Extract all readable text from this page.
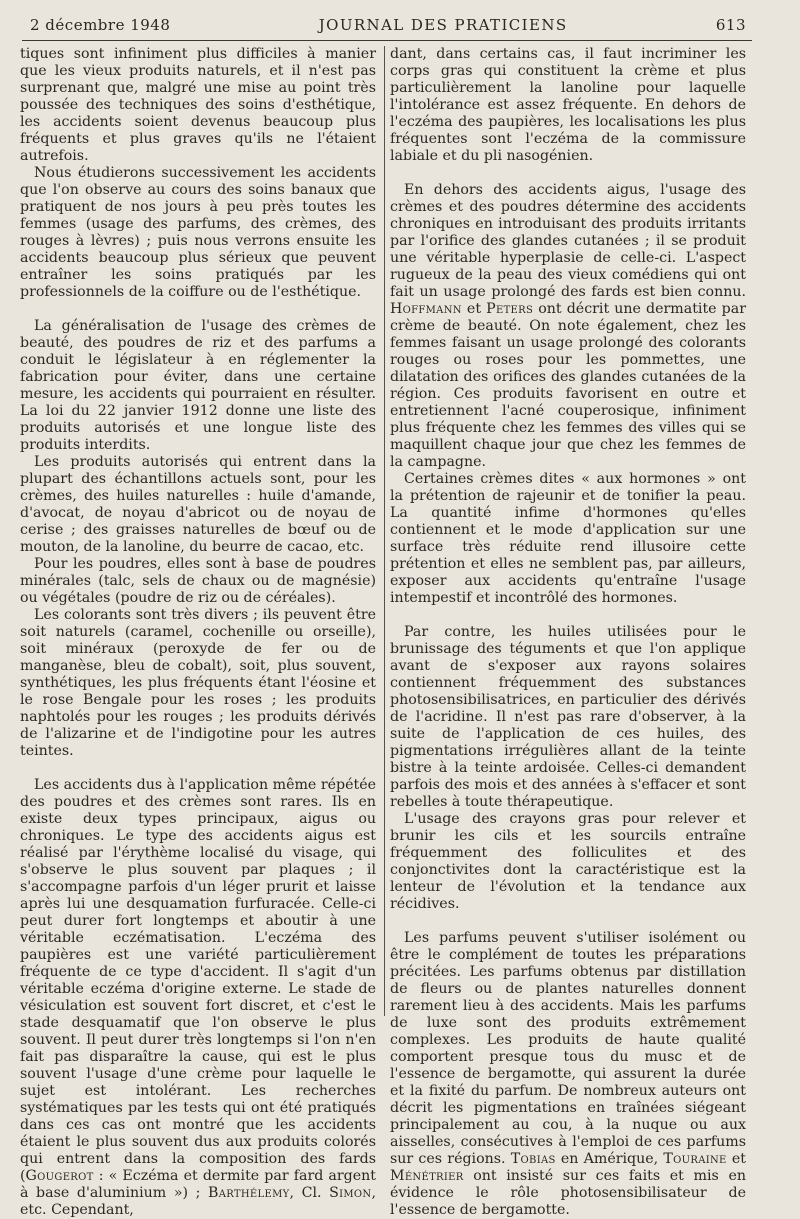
2 décembre 1948	JOURNAL DES PRATICIENS	613

tiques sont infiniment plus difficiles à manier que les vieux produits naturels, et il n'est pas surprenant que, malgré une mise au point très poussée des techniques des soins d'esthétique, les accidents soient devenus beaucoup plus fréquents et plus graves qu'ils ne l'étaient autrefois.

Nous étudierons successivement les accidents que l'on observe au cours des soins banaux que pratiquent de nos jours à peu près toutes les femmes (usage des parfums, des crèmes, des rouges à lèvres) ; puis nous verrons ensuite les accidents beaucoup plus sérieux que peuvent entraîner les soins pratiqués par les professionnels de la coiffure ou de l'esthétique.

La généralisation de l'usage des crèmes de beauté, des poudres de riz et des parfums a conduit le législateur à en réglementer la fabrication pour éviter, dans une certaine mesure, les accidents qui pourraient en résulter. La loi du 22 janvier 1912 donne une liste des produits autorisés et une longue liste des produits interdits.

Les produits autorisés qui entrent dans la plupart des échantillons actuels sont, pour les crèmes, des huiles naturelles : huile d'amande, d'avocat, de noyau d'abricot ou de noyau de cerise ; des graisses naturelles de bœuf ou de mouton, de la lanoline, du beurre de cacao, etc.

Pour les poudres, elles sont à base de poudres minérales (talc, sels de chaux ou de magnésie) ou végétales (poudre de riz ou de céréales).

Les colorants sont très divers ; ils peuvent être soit naturels (caramel, cochenille ou orseille), soit minéraux (peroxyde de fer ou de manganèse, bleu de cobalt), soit, plus souvent, synthétiques, les plus fréquents étant l'éosine et le rose Bengale pour les roses ; les produits naphtolés pour les rouges ; les produits dérivés de l'alizarine et de l'indigotine pour les autres teintes.

Les accidents dus à l'application même répétée des poudres et des crèmes sont rares. Ils en existe deux types principaux, aigus ou chroniques. Le type des accidents aigus est réalisé par l'érythème localisé du visage, qui s'observe le plus souvent par plaques ; il s'accompagne parfois d'un léger prurit et laisse après lui une desquamation furfuracée. Celle-ci peut durer fort longtemps et aboutir à une véritable eczématisation. L'eczéma des paupières est une variété particulièrement fréquente de ce type d'accident. Il s'agit d'un véritable eczéma d'origine externe. Le stade de vésiculation est souvent fort discret, et c'est le stade desquamatif que l'on observe le plus souvent. Il peut durer très longtemps si l'on n'en fait pas disparaître la cause, qui est le plus souvent l'usage d'une crème pour laquelle le sujet est intolérant. Les recherches systématiques par les tests qui ont été pratiqués dans ces cas ont montré que les accidents étaient le plus souvent dus aux produits colorés qui entrent dans la composition des fards (Gougerot : « Eczéma et dermite par fard argent à base d'aluminium ») ; Barthélemy, Cl. Simon, etc. Cependant,

dant, dans certains cas, il faut incriminer les corps gras qui constituent la crème et plus particulièrement la lanoline pour laquelle l'intolérance est assez fréquente. En dehors de l'eczéma des paupières, les localisations les plus fréquentes sont l'eczéma de la commissure labiale et du pli nasogénien.

En dehors des accidents aigus, l'usage des crèmes et des poudres détermine des accidents chroniques en introduisant des produits irritants par l'orifice des glandes cutanées ; il se produit une véritable hyperplasie de celle-ci. L'aspect rugueux de la peau des vieux comédiens qui ont fait un usage prolongé des fards est bien connu. Hoffmann et Peters ont décrit une dermatite par crème de beauté. On note également, chez les femmes faisant un usage prolongé des colorants rouges ou roses pour les pommettes, une dilatation des orifices des glandes cutanées de la région. Ces produits favorisent en outre et entretiennent l'acné couperosique, infiniment plus fréquente chez les femmes des villes qui se maquillent chaque jour que chez les femmes de la campagne.

Certaines crèmes dites « aux hormones » ont la prétention de rajeunir et de tonifier la peau. La quantité infime d'hormones qu'elles contiennent et le mode d'application sur une surface très réduite rend illusoire cette prétention et elles ne semblent pas, par ailleurs, exposer aux accidents qu'entraîne l'usage intempestif et incontrôlé des hormones.

Par contre, les huiles utilisées pour le brunissage des téguments et que l'on applique avant de s'exposer aux rayons solaires contiennent fréquemment des substances photosensibilisatrices, en particulier des dérivés de l'acridine. Il n'est pas rare d'observer, à la suite de l'application de ces huiles, des pigmentations irrégulières allant de la teinte bistre à la teinte ardoisée. Celles-ci demandent parfois des mois et des années à s'effacer et sont rebelles à toute thérapeutique.

L'usage des crayons gras pour relever et brunir les cils et les sourcils entraîne fréquemment des folliculites et des conjonctivites dont la caractéristique est la lenteur de l'évolution et la tendance aux récidives.

Les parfums peuvent s'utiliser isolément ou être le complément de toutes les préparations précitées. Les parfums obtenus par distillation de fleurs ou de plantes naturelles donnent rarement lieu à des accidents. Mais les parfums de luxe sont des produits extrêmement complexes. Les produits de haute qualité comportent presque tous du musc et de l'essence de bergamotte, qui assurent la durée et la fixité du parfum. De nombreux auteurs ont décrit les pigmentations en traînées siégeant principalement au cou, à la nuque ou aux aisselles, consécutives à l'emploi de ces parfums sur ces régions. Tobias en Amérique, Touraine et Ménétrier ont insisté sur ces faits et mis en évidence le rôle photosensibilisateur de l'essence de bergamotte.
